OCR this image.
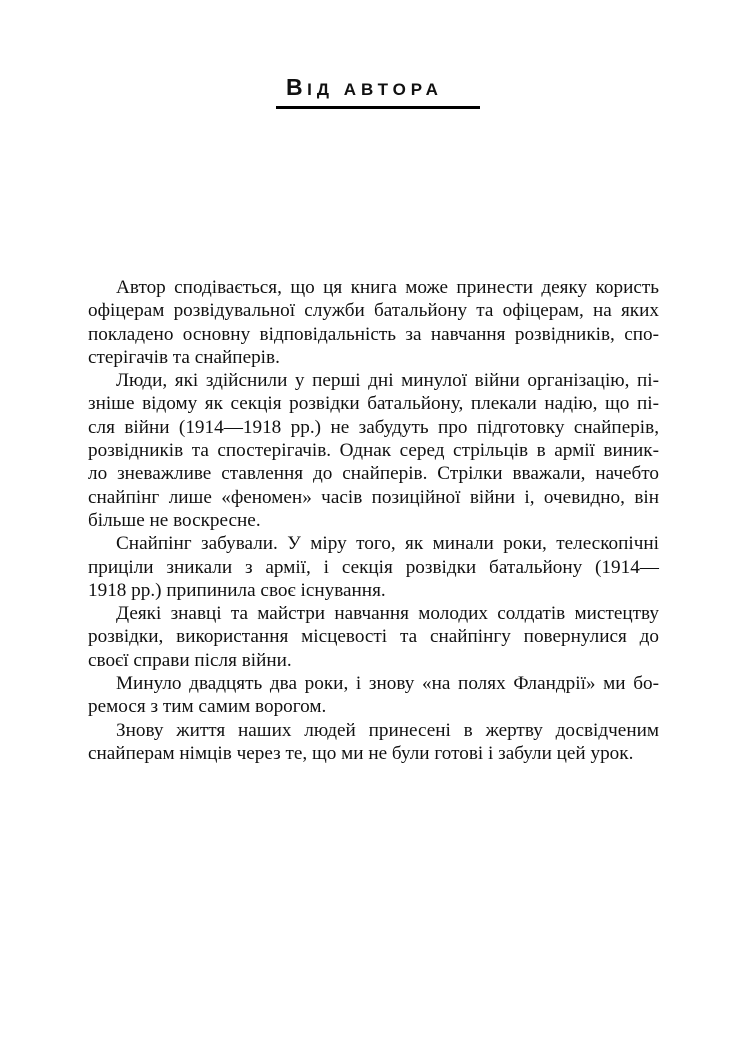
ВІД АВТОРА
Автор сподівається, що ця книга може принести деяку користь
офіцерам розвідувальної служби батальйону та офіцерам, на яких
покладено основну відповідальність за навчання розвідників, спо-
стерігачів та снайперів.
Люди, які здійснили у перші дні минулої війни організацію, пі-
зніше відому як секція розвідки батальйону, плекали надію, що пі-
сля війни (1914—1918 рр.) не забудуть про підготовку снайперів,
розвідників та спостерігачів. Однак серед стрільців в армії виник-
ло зневажливе ставлення до снайперів. Стрілки вважали, начебто
снайпінг лише «феномен» часів позиційної війни і, очевидно, він
більше не воскресне.
Снайпінг забували. У міру того, як минали роки, телескопічні
приціли зникали з армії, і секція розвідки батальйону (1914—
1918 рр.) припинила своє існування.
Деякі знавці та майстри навчання молодих солдатів мистецтву
розвідки, використання місцевості та снайпінгу повернулися до
своєї справи після війни.
Минуло двадцять два роки, і знову «на полях Фландрії» ми бо-
ремося з тим самим ворогом.
Знову життя наших людей принесені в жертву досвідченим
снайперам німців через те, що ми не були готові і забули цей урок.
